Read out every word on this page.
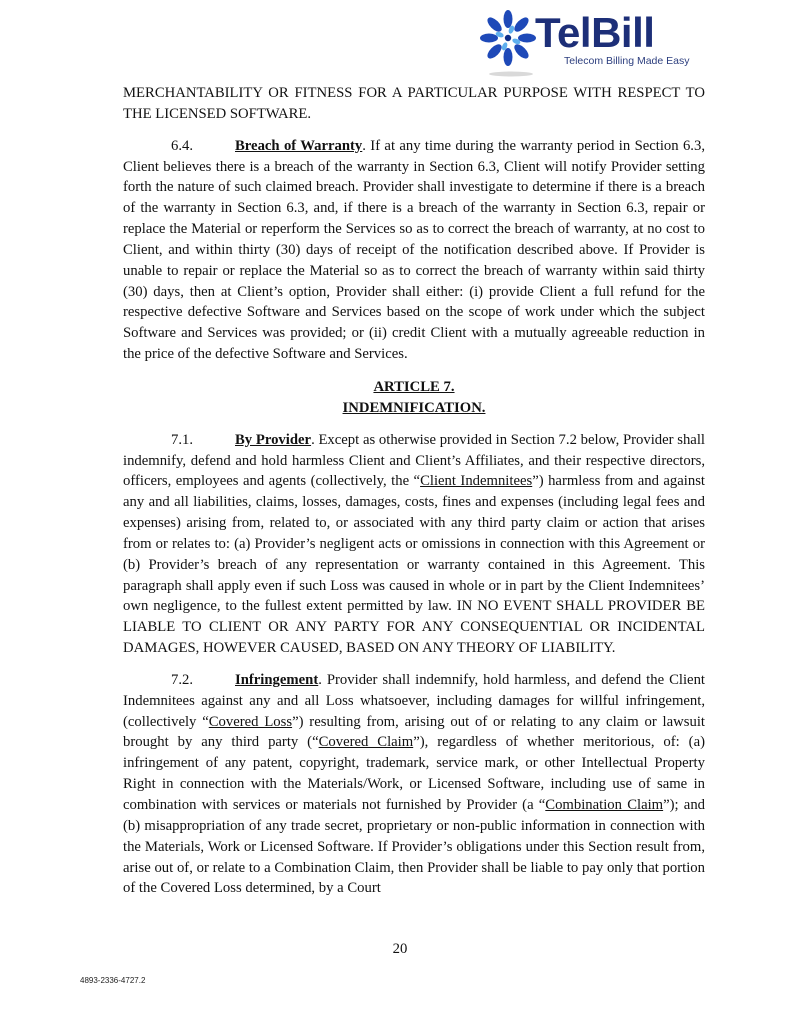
TelBill
Telecom Billing Made Easy

MERCHANTABILITY OR FITNESS FOR A PARTICULAR PURPOSE WITH RESPECT TO THE LICENSED SOFTWARE.

6.4.	Breach of Warranty. If at any time during the warranty period in Section 6.3, Client believes there is a breach of the warranty in Section 6.3, Client will notify Provider setting forth the nature of such claimed breach. Provider shall investigate to determine if there is a breach of the warranty in Section 6.3, and, if there is a breach of the warranty in Section 6.3, repair or replace the Material or reperform the Services so as to correct the breach of warranty, at no cost to Client, and within thirty (30) days of receipt of the notification described above. If Provider is unable to repair or replace the Material so as to correct the breach of warranty within said thirty (30) days, then at Client’s option, Provider shall either: (i) provide Client a full refund for the respective defective Software and Services based on the scope of work under which the subject Software and Services was provided; or (ii) credit Client with a mutually agreeable reduction in the price of the defective Software and Services.

ARTICLE 7.

INDEMNIFICATION.

7.1.	By Provider. Except as otherwise provided in Section 7.2 below, Provider shall indemnify, defend and hold harmless Client and Client’s Affiliates, and their respective directors, officers, employees and agents (collectively, the “Client Indemnitees”) harmless from and against any and all liabilities, claims, losses, damages, costs, fines and expenses (including legal fees and expenses) arising from, related to, or associated with any third party claim or action that arises from or relates to: (a) Provider’s negligent acts or omissions in connection with this Agreement or (b) Provider’s breach of any representation or warranty contained in this Agreement. This paragraph shall apply even if such Loss was caused in whole or in part by the Client Indemnitees’ own negligence, to the fullest extent permitted by law. IN NO EVENT SHALL PROVIDER BE LIABLE TO CLIENT OR ANY PARTY FOR ANY CONSEQUENTIAL OR INCIDENTAL DAMAGES, HOWEVER CAUSED, BASED ON ANY THEORY OF LIABILITY.

7.2.	Infringement. Provider shall indemnify, hold harmless, and defend the Client Indemnitees against any and all Loss whatsoever, including damages for willful infringement, (collectively “Covered Loss”) resulting from, arising out of or relating to any claim or lawsuit brought by any third party (“Covered Claim”), regardless of whether meritorious, of: (a) infringement of any patent, copyright, trademark, service mark, or other Intellectual Property Right in connection with the Materials/Work, or Licensed Software, including use of same in combination with services or materials not furnished by Provider (a “Combination Claim”); and (b) misappropriation of any trade secret, proprietary or non-public information in connection with the Materials, Work or Licensed Software. If Provider’s obligations under this Section result from, arise out of, or relate to a Combination Claim, then Provider shall be liable to pay only that portion of the Covered Loss determined, by a Court

20
4893-2336-4727.2
